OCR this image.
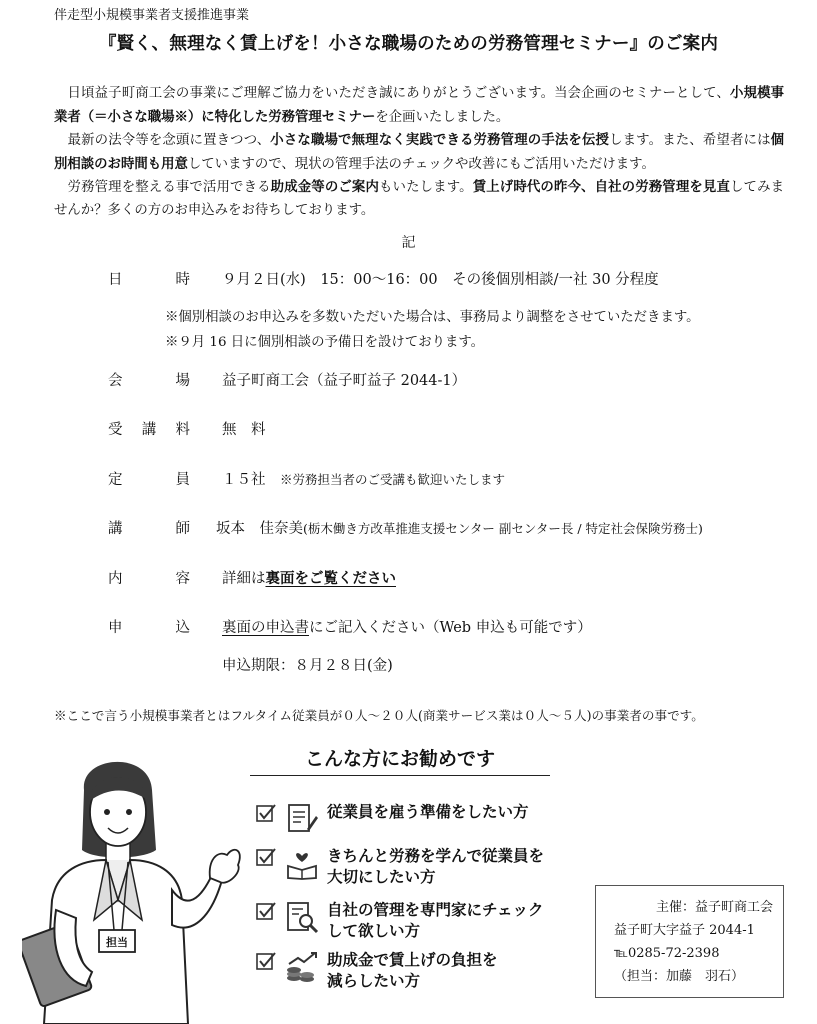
伴走型小規模事業者支援推進事業
『賢く、無理なく賃上げを！小さな職場のための労務管理セミナー』のご案内

　日頃益子町商工会の事業にご理解ご協力をいただき誠にありがとうございます。当会企画のセミナーとして、小規模事業者（＝小さな職場※）に特化した労務管理セミナーを企画いたしました。

　最新の法令等を念頭に置きつつ、小さな職場で無理なく実践できる労務管理の手法を伝授します。また、希望者には個別相談のお時間も用意していますので、現状の管理手法のチェックや改善にもご活用いただけます。

　労務管理を整える事で活用できる助成金等のご案内もいたします。賃上げ時代の昨今、自社の労務管理を見直してみませんか？多くの方のお申込みをお待ちしております。

記
日	時 ９月２日(水)　15：00～16：00　その後個別相談/一社 30 分程度
※個別相談のお申込みを多数いただいた場合は、事務局より調整をさせていただきます。
※９月 16 日に個別相談の予備日を設けております。
会	場 益子町商工会（益子町益子 2044-1）
受 講 料 無　料
定	員 １５社　 ※労務担当者のご受講も歓迎いたします
講	師 坂本　佳奈美(栃木働き方改革推進支援センター 副センター長 / 特定社会保険労務士)
内	容 詳細は裏面をご覧ください
申	込 裏面の申込書にご記入ください（Web 申込も可能です）
申込期限：８月２８日(金)
※ここで言う小規模事業者とはフルタイム従業員が０人～２０人(商業サービス業は０人～５人)の事業者の事です。
こんな方にお勧めです
従業員を雇う準備をしたい方
きちんと労務を学んで従業員を
大切にしたい方
自社の管理を専門家にチェック
して欲しい方
助成金で賃上げの負担を
減らしたい方
主催：益子町商工会
益子町大字益子 2044-1
℡0285-72-2398
（担当：加藤　羽石）
担当
